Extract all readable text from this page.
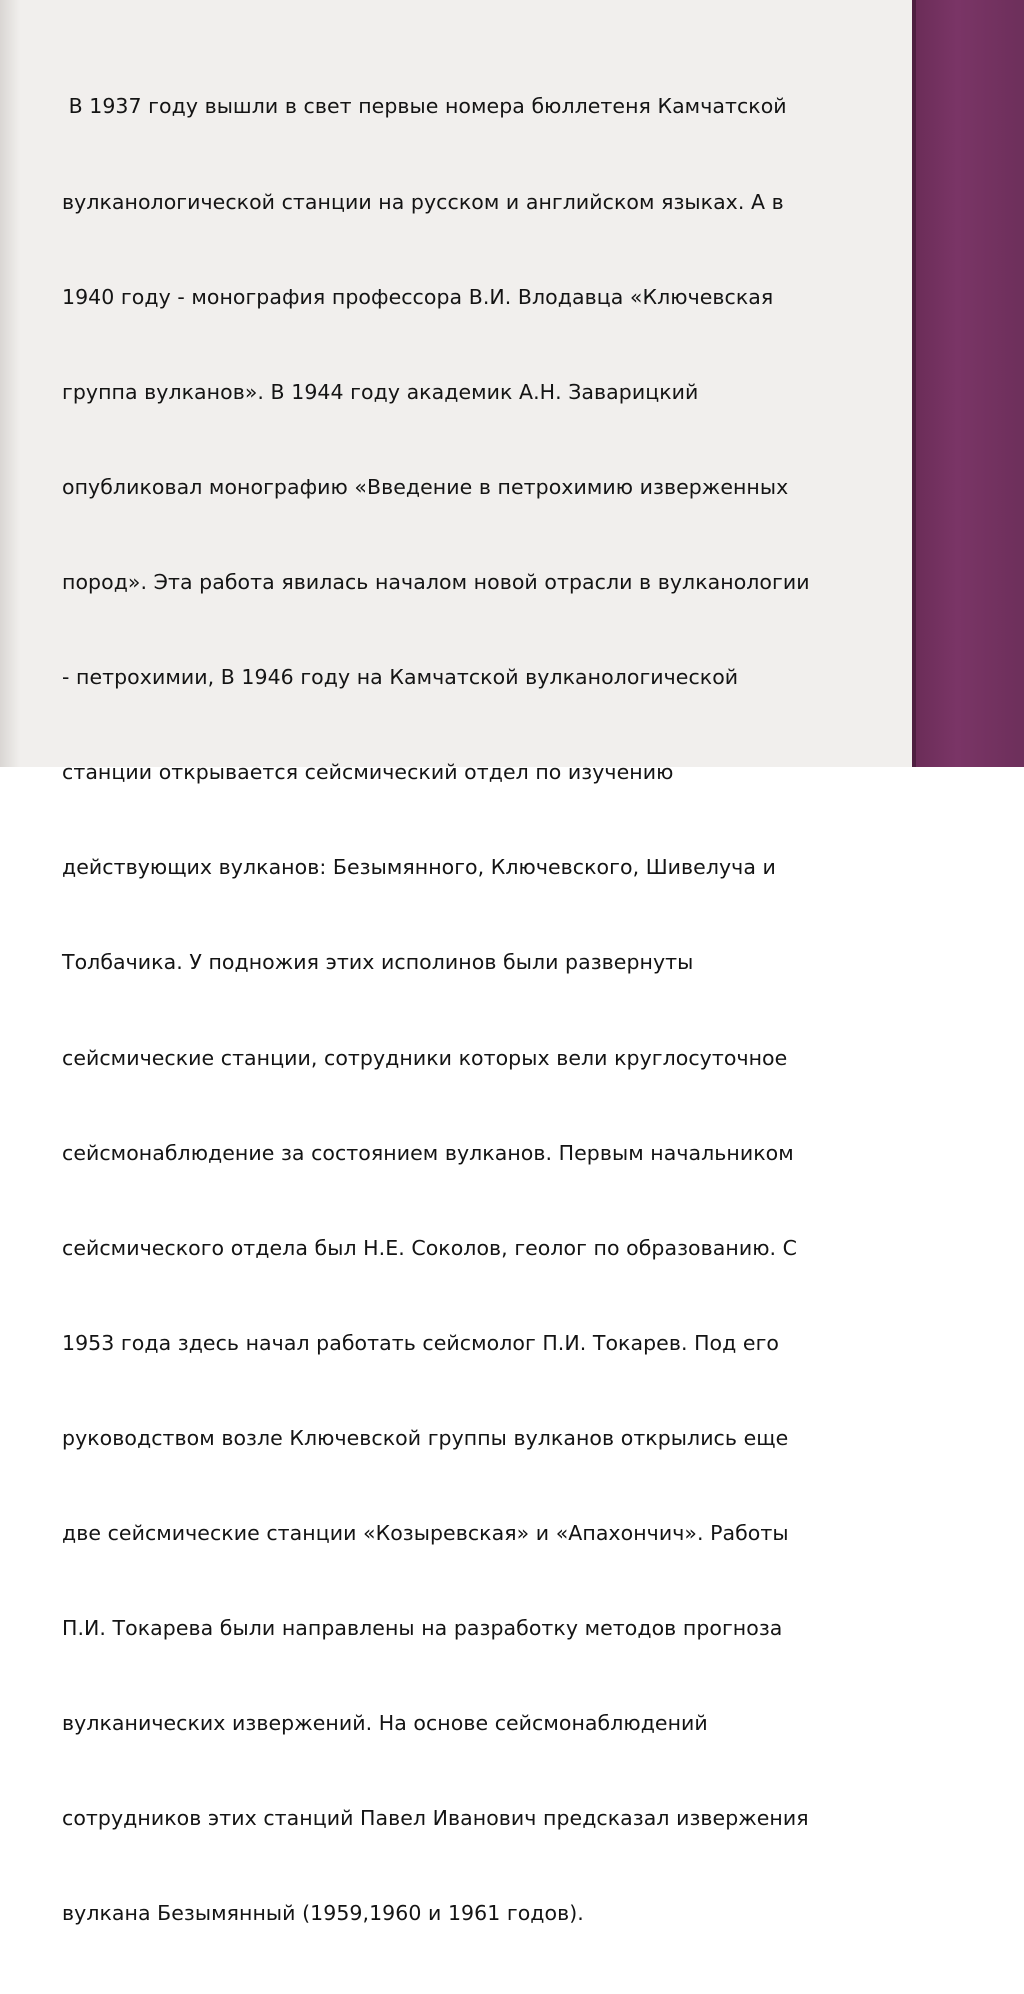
В 1937 году вышли в свет первые номера бюллетеня Камчатской

вулканологической станции на русском и английском языках. А в

1940 году - монография профессора В.И. Влодавца «Ключевская

группа вулканов». В 1944 году академик А.Н. Заварицкий

опубликовал монографию «Введение в петрохимию изверженных

пород». Эта работа явилась началом новой отрасли в вулканологии

- петрохимии, В 1946 году на Камчатской вулканологической

станции открывается сейсмический отдел по изучению

действующих вулканов: Безымянного, Ключевского, Шивелуча и

Толбачика. У подножия этих исполинов были развернуты

сейсмические станции, сотрудники которых вели круглосуточное

сейсмонаблюдение за состоянием вулканов. Первым начальником

сейсмического отдела был Н.Е. Соколов, геолог по образованию. С

1953 года здесь начал работать сейсмолог П.И. Токарев. Под его

руководством возле Ключевской группы вулканов открылись еще

две сейсмические станции «Козыревская» и «Апахончич». Работы

П.И. Токарева были направлены на разработку методов прогноза

вулканических извержений. На основе сейсмонаблюдений

сотрудников этих станций Павел Иванович предсказал извержения

вулкана Безымянный (1959,1960 и 1961 годов).
